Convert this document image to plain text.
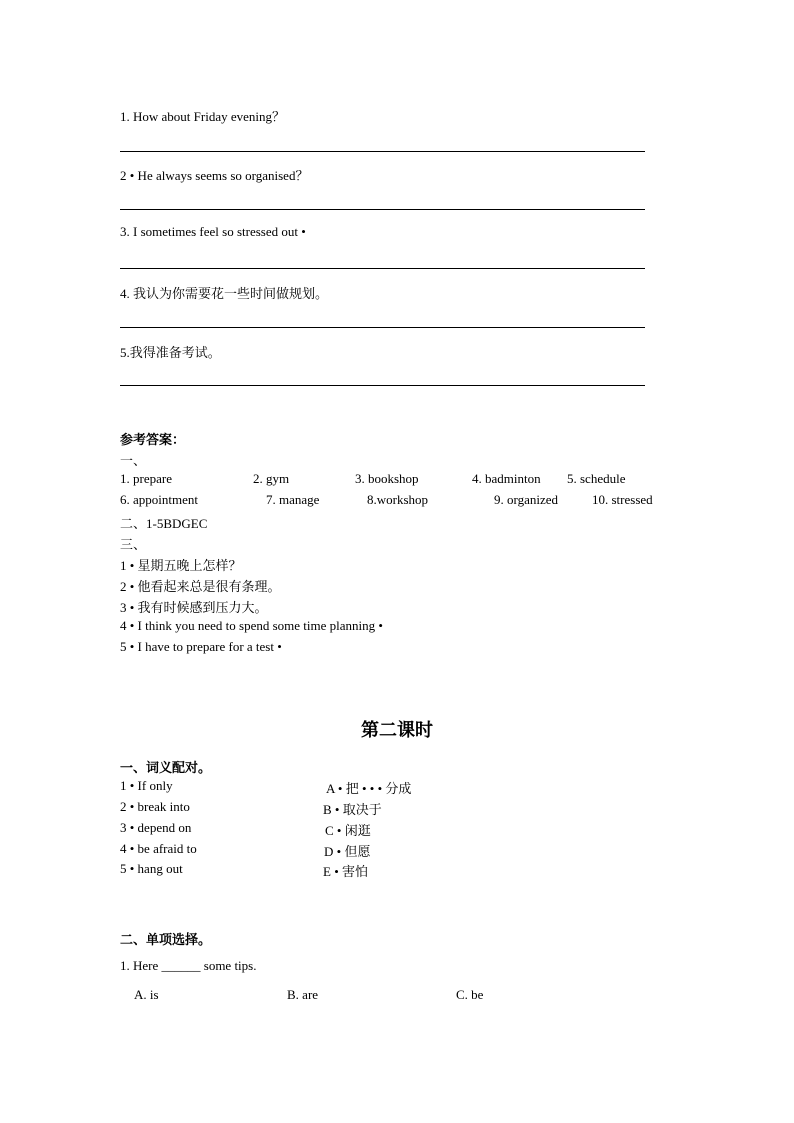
1. How about Friday evening？
2 • He always seems so organised？
3. I sometimes feel so stressed out •
4. 我认为你需要花一些时间做规划。
5.我得准备考试。
参考答案：
一、
1. prepare	2. gym	3. bookshop	4. badminton 5. schedule
6. appointment	7. manage	8.workshop	9. organized	10. stressed
二、1-5BDGEC
三、
1 • 星期五晚上怎样？
2 • 他看起来总是很有条理。
3 • 我有时候感到压力大。
4 • I think you need to spend some time planning •
5 • I have to prepare for a test •
第二课时
一、词义配对。
1 • If only
2 • break into
3 • depend on
4 • be afraid to
5 • hang out
A • 把 • • • 分成
B • 取决于
C • 闲逛
D • 但愿
E • 害怕
二、单项选择。
1. Here ______ some tips.
A. is	B. are	C. be
